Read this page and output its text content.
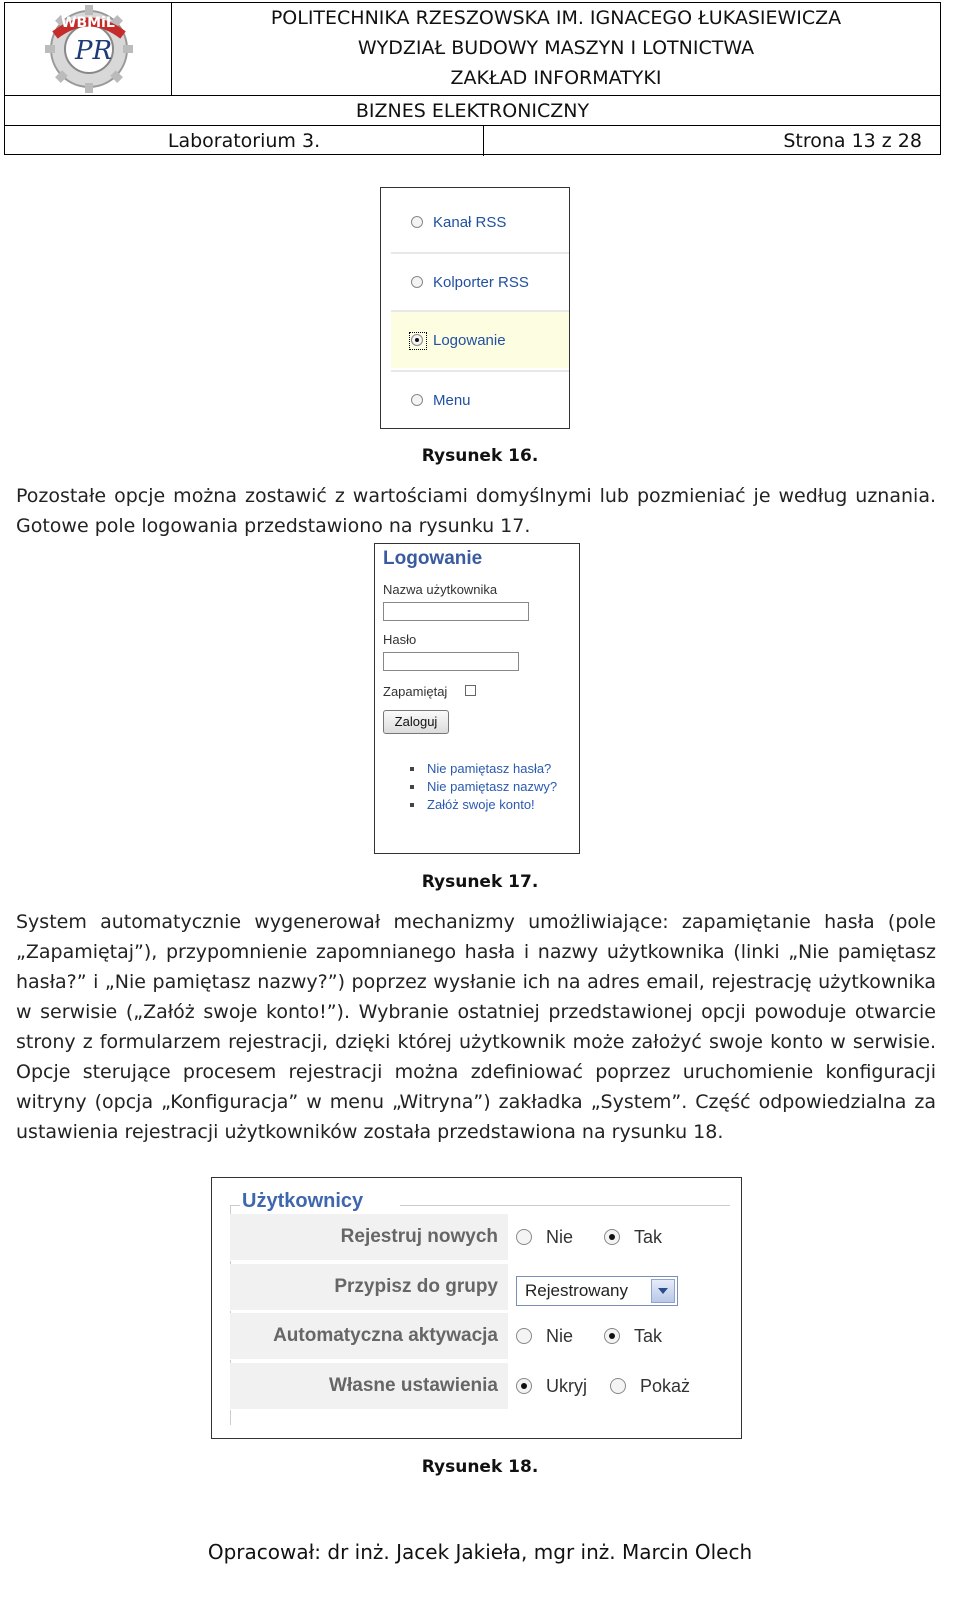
PR
WBMiL	POLITECHNIKA RZESZOWSKA IM. IGNACEGO ŁUKASIEWICZA
WYDZIAŁ BUDOWY MASZYN I LOTNICTWA
ZAKŁAD INFORMATYKI
BIZNES ELEKTRONICZNY
Laboratorium 3.	Strona 13 z 28
Kanał RSS
Kolporter RSS
Logowanie
Menu
Rysunek 16.

Pozostałe opcje można zostawić z wartościami domyślnymi lub pozmieniać je według uznania. Gotowe pole logowania przedstawiono na rysunku 17.

Logowanie
Nazwa użytkownika
Hasło
Zapamiętaj
Zaloguj
Nie pamiętasz hasła?
Nie pamiętasz nazwy?
Załóż swoje konto!
Rysunek 17.

System automatycznie wygenerował mechanizmy umożliwiające: zapamiętanie hasła (pole „Zapamiętaj”), przypomnienie zapomnianego hasła i nazwy użytkownika (linki „Nie pamiętasz hasła?” i „Nie pamiętasz nazwy?”) poprzez wysłanie ich na adres email, rejestrację użytkownika w serwisie („Załóż swoje konto!”). Wybranie ostatniej przedstawionej opcji powoduje otwarcie strony z formularzem rejestracji, dzięki której użytkownik może założyć swoje konto w serwisie. Opcje sterujące procesem rejestracji można zdefiniować poprzez uruchomienie konfiguracji witryny (opcja „Konfiguracja” w menu „Witryna”) zakładka „System”. Część odpowiedzialna za ustawienia rejestracji użytkowników została przedstawiona na rysunku 18.

Użytkownicy
Rejestruj nowych	Nie	Tak
Przypisz do grupy	Rejestrowany
Automatyczna aktywacja	Nie	Tak
Własne ustawienia	Ukryj	Pokaż
Rysunek 18.
Opracował: dr inż. Jacek Jakieła, mgr inż. Marcin Olech
